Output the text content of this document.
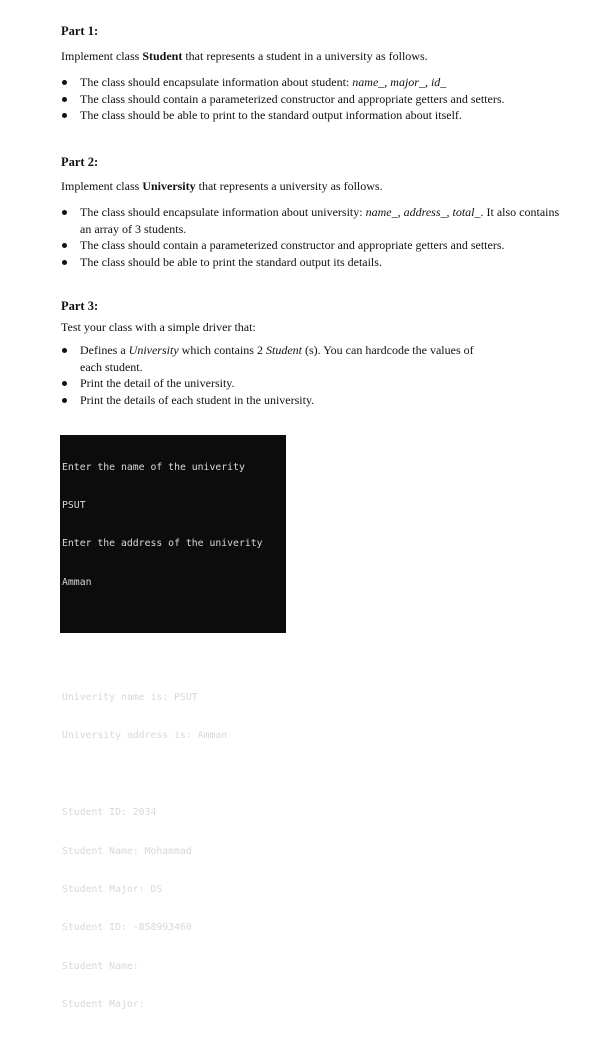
Part 1:
Implement class Student that represents a student in a university as follows.
The class should encapsulate information about student: name_, major_, id_
The class should contain a parameterized constructor and appropriate getters and setters.
The class should be able to print to the standard output information about itself.
Part 2:
Implement class University that represents a university as follows.
The class should encapsulate information about university: name_, address_, total_. It also contains an array of 3 students.
The class should contain a parameterized constructor and appropriate getters and setters.
The class should be able to print the standard output its details.
Part 3:
Test your class with a simple driver that:
Defines a University which contains 2 Student (s). You can hardcode the values of each student.
Print the detail of the university.
Print the details of each student in the university.

Enter the name of the univerity

PSUT

Enter the address of the univerity

Amman

Univerity name is: PSUT

University address is: Amman

Student ID: 2034

Student Name: Mohammad

Student Major: DS

Student ID: -858993460

Student Name:

Student Major:
